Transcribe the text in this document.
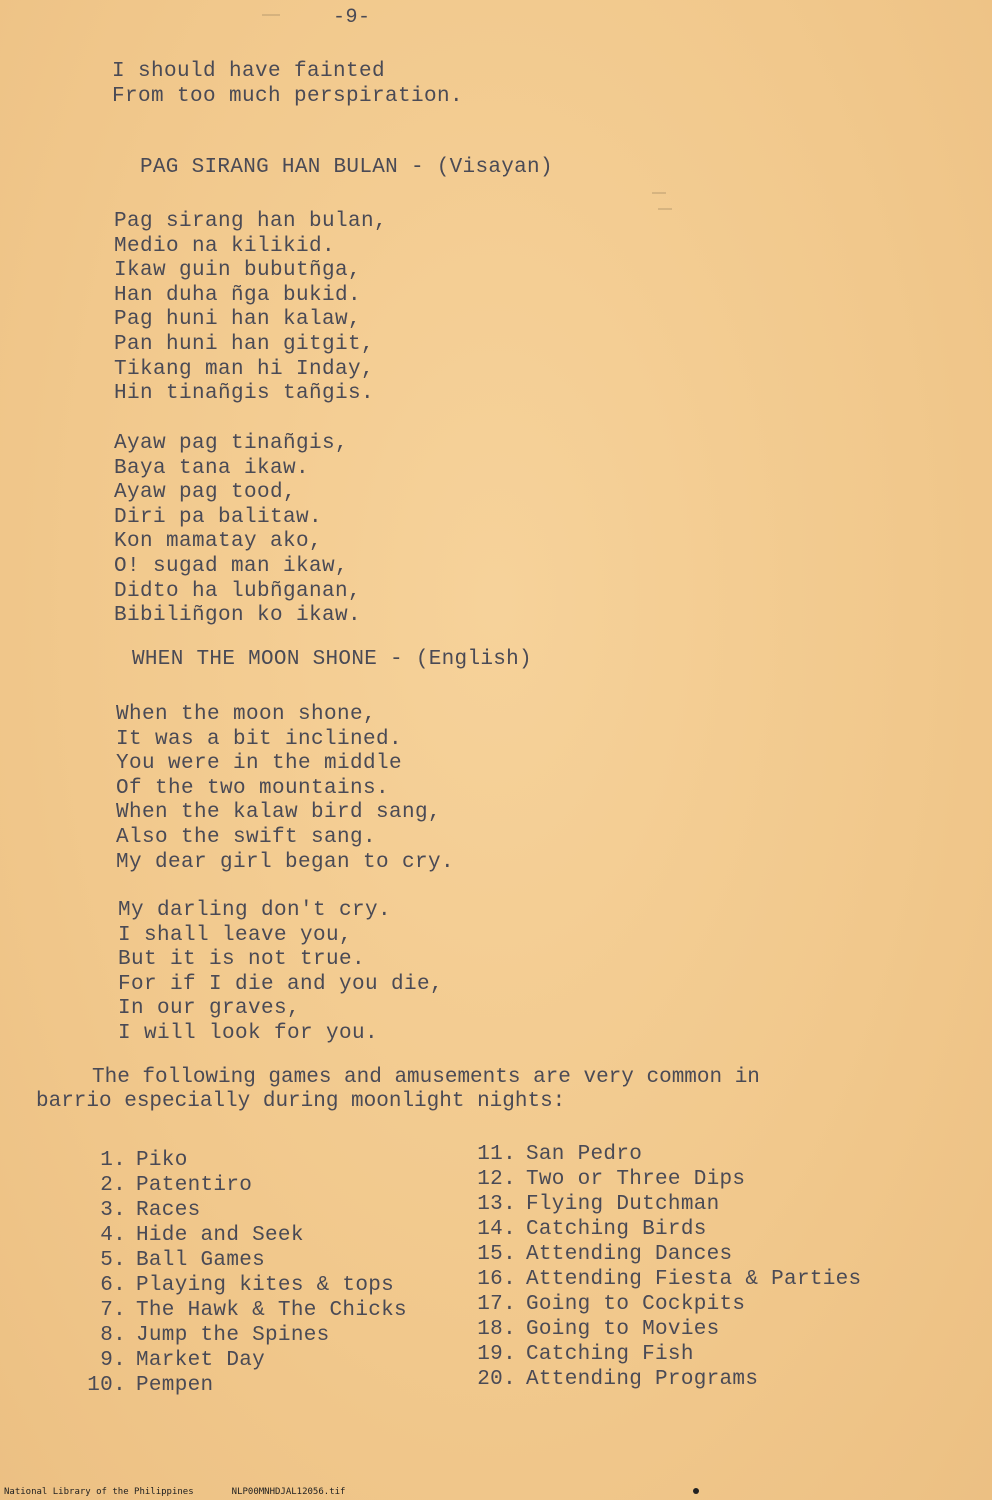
-9-
I should have fainted
From too much perspiration.
PAG SIRANG HAN BULAN - (Visayan)
Pag sirang han bulan,
Medio na kilikid.
Ikaw guin bubutñga,
Han duha ñga bukid.
Pag huni han kalaw,
Pan huni han gitgit,
Tikang man hi Inday,
Hin tinañgis tañgis.
Ayaw pag tinañgis,
Baya tana ikaw.
Ayaw pag tood,
Diri pa balitaw.
Kon mamatay ako,
O! sugad man ikaw,
Didto ha lubñganan,
Bibiliñgon ko ikaw.
WHEN THE MOON SHONE - (English)
When the moon shone,
It was a bit inclined.
You were in the middle
Of the two mountains.
When the kalaw bird sang,
Also the swift sang.
My dear girl began to cry.
My darling don't cry.
I shall leave you,
But it is not true.
For if I die and you die,
In our graves,
I will look for you.
The following games and amusements are very common in
barrio especially during moonlight nights:
1. Piko
2. Patentiro
3. Races
4. Hide and Seek
5. Ball Games
6. Playing kites & tops
7. The Hawk & The Chicks
8. Jump the Spines
9. Market Day
10. Pempen
11. San Pedro
12. Two or Three Dips
13. Flying Dutchman
14. Catching Birds
15. Attending Dances
16. Attending Fiesta & Parties
17. Going to Cockpits
18. Going to Movies
19. Catching Fish
20. Attending Programs
National Library of the Philippines	NLP00MNHDJAL12056.tif
